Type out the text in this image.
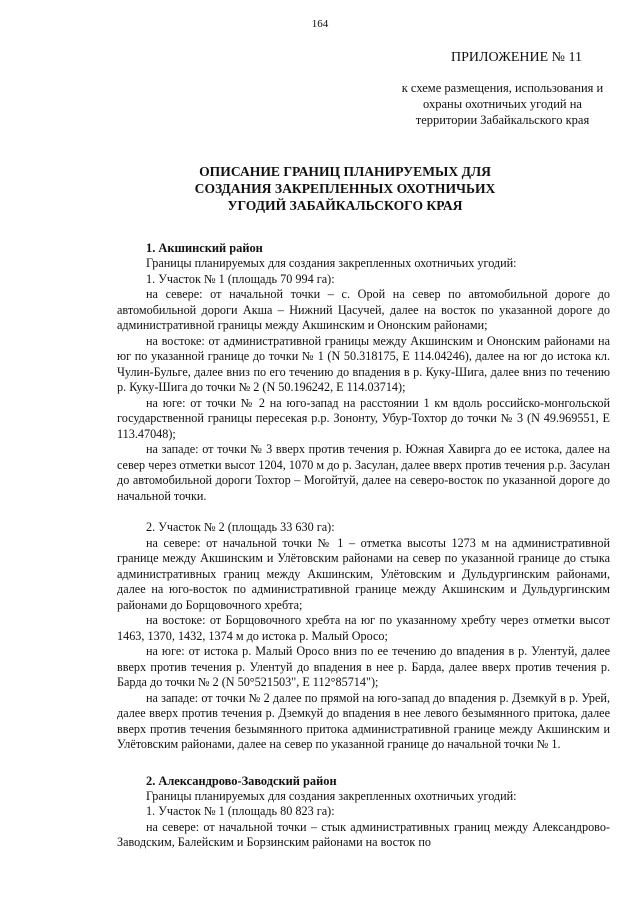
164
ПРИЛОЖЕНИЕ № 11
к схеме размещения, использования и
охраны охотничьих угодий на
территории Забайкальского края
ОПИСАНИЕ ГРАНИЦ ПЛАНИРУЕМЫХ ДЛЯ
СОЗДАНИЯ ЗАКРЕПЛЕННЫХ ОХОТНИЧЬИХ
УГОДИЙ ЗАБАЙКАЛЬСКОГО КРАЯ
1. Акшинский район

Границы планируемых для создания закрепленных охотничьих угодий:

1. Участок № 1 (площадь 70 994 га):

на севере: от начальной точки – с. Орой на север по автомобильной дороге до автомобильной дороги Акша – Нижний Цасучей, далее на восток по указанной дороге до административной границы между Акшинским и Ононским районами;

на востоке: от административной границы между Акшинским и Ононским районами на юг по указанной границе до точки № 1 (N 50.318175, E 114.04246), далее на юг до истока кл. Чулин-Бульге, далее вниз по его течению до впадения в р. Куку-Шига, далее вниз по течению р. Куку-Шига до точки № 2 (N 50.196242, E 114.03714);

на юге: от точки № 2 на юго-запад на расстоянии 1 км вдоль российско-монгольской государственной границы пересекая р.р. Зононту, Убур-Тохтор до точки № 3 (N 49.969551, E 113.47048);

на западе: от точки № 3 вверх против течения р. Южная Хавирга до ее истока, далее на север через отметки высот 1204, 1070 м до р. Засулан, далее вверх против течения р.р. Засулан до автомобильной дороги Тохтор – Могойтуй, далее на северо-восток по указанной дороге до начальной точки.

2. Участок № 2 (площадь 33 630 га):

на севере: от начальной точки № 1 – отметка высоты 1273 м на административной границе между Акшинским и Улётовским районами на север по указанной границе до стыка административных границ между Акшинским, Улётовским и Дульдургинским районами, далее на юго-восток по административной границе между Акшинским и Дульдургинским районами до Борщовочного хребта;

на востоке: от Борщовочного хребта на юг по указанному хребту через отметки высот 1463, 1370, 1432, 1374 м до истока р. Малый Оросо;

на юге: от истока р. Малый Оросо вниз по ее течению до впадения в р. Улентуй, далее вверх против течения р. Улентуй до впадения в нее р. Барда, далее вверх против течения р. Барда до точки № 2 (N 50°521503", E 112°85714");

на западе: от точки № 2 далее по прямой на юго-запад до впадения р. Дземкуй в р. Урей, далее вверх против течения р. Дземкуй до впадения в нее левого безымянного притока, далее вверх против течения безымянного притока административной границе между Акшинским и Улётовским районами, далее на север по указанной границе до начальной точки № 1.

2. Александрово-Заводский район

Границы планируемых для создания закрепленных охотничьих угодий:

1. Участок № 1 (площадь 80 823 га):

на севере: от начальной точки – стык административных границ между Александрово-Заводским, Балейским и Борзинским районами на восток по
